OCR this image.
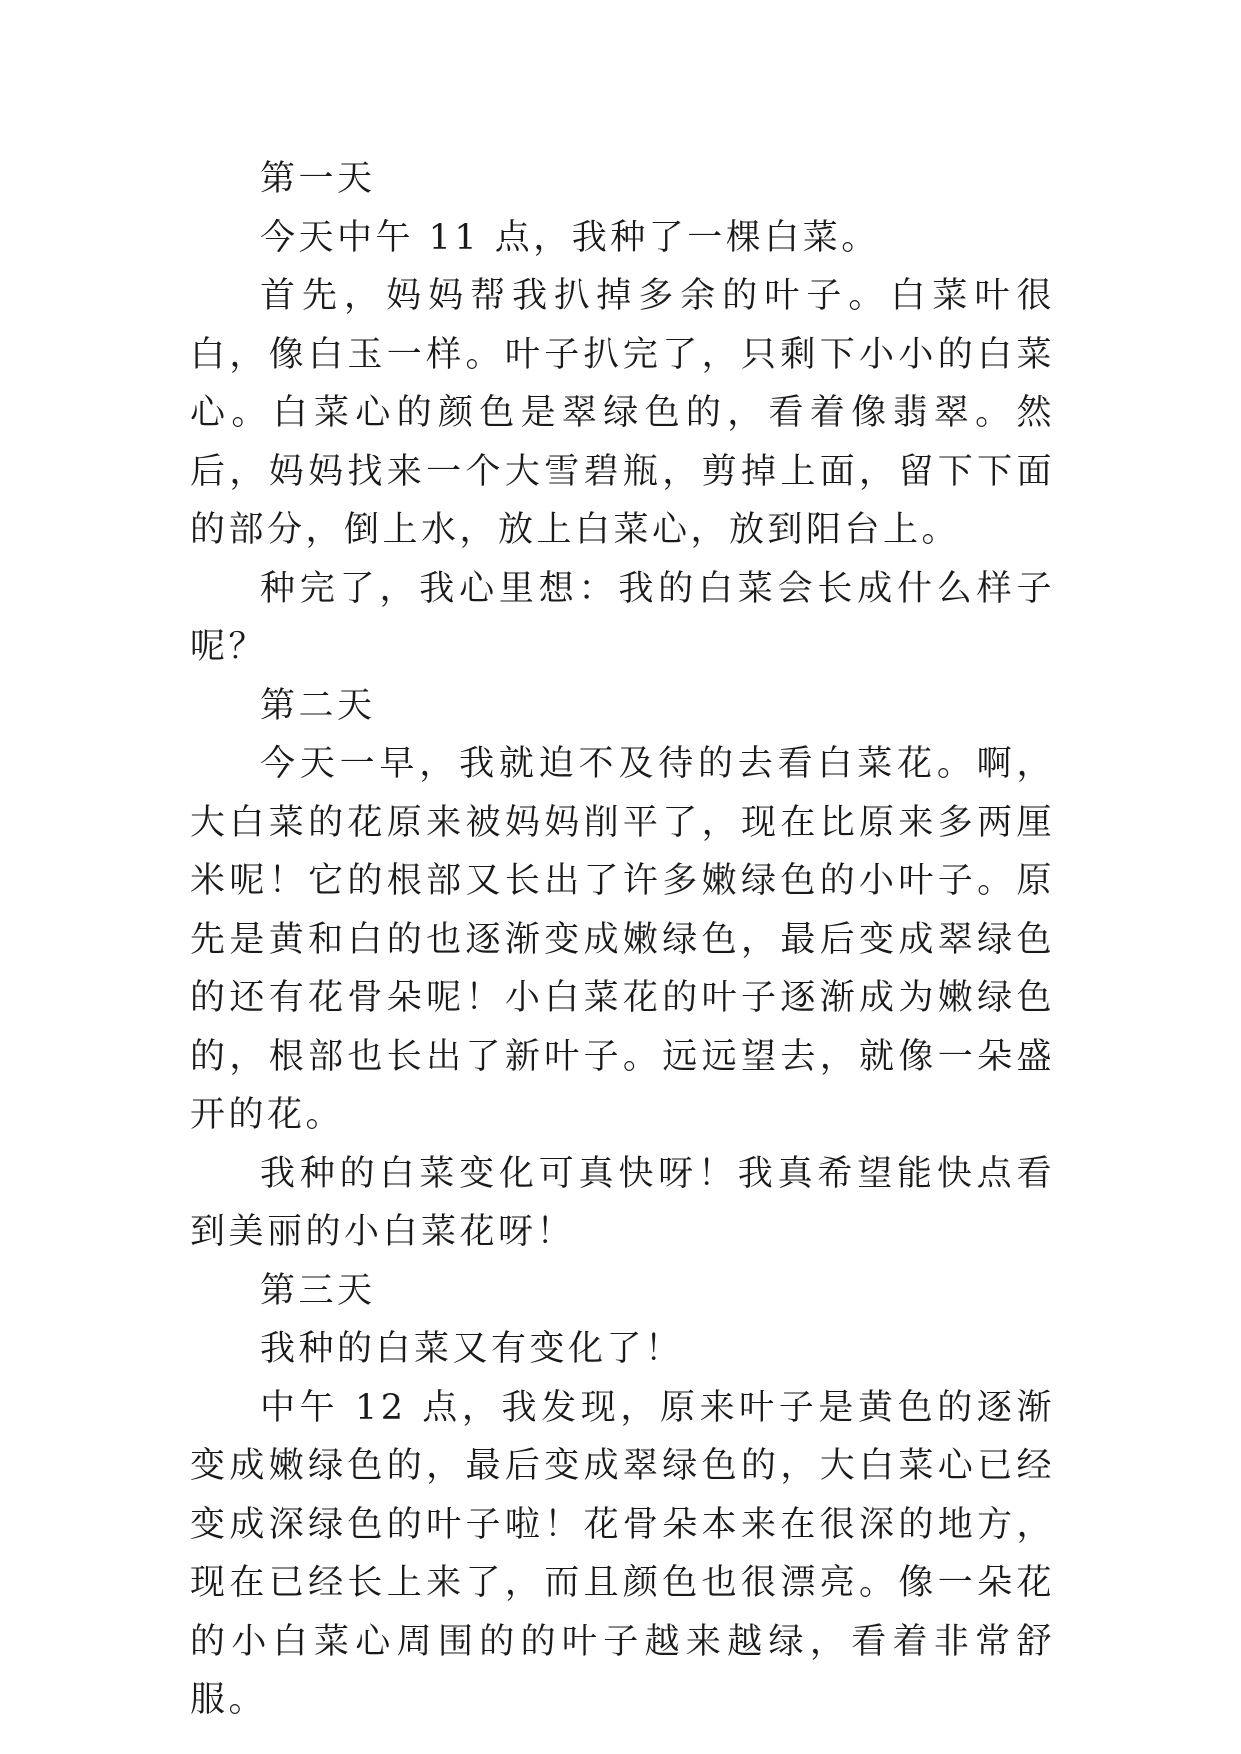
第一天

今天中午 11 点，我种了一棵白菜。

首先，妈妈帮我扒掉多余的叶子。白菜叶很白，像白玉一样。叶子扒完了，只剩下小小的白菜心。白菜心的颜色是翠绿色的，看着像翡翠。然后，妈妈找来一个大雪碧瓶，剪掉上面，留下下面的部分，倒上水，放上白菜心，放到阳台上。

种完了，我心里想：我的白菜会长成什么样子呢？

第二天

今天一早，我就迫不及待的去看白菜花。啊，大白菜的花原来被妈妈削平了，现在比原来多两厘米呢！它的根部又长出了许多嫩绿色的小叶子。原先是黄和白的也逐渐变成嫩绿色，最后变成翠绿色的还有花骨朵呢！小白菜花的叶子逐渐成为嫩绿色的，根部也长出了新叶子。远远望去，就像一朵盛开的花。

我种的白菜变化可真快呀！我真希望能快点看到美丽的小白菜花呀！

第三天

我种的白菜又有变化了！

中午 12 点，我发现，原来叶子是黄色的逐渐变成嫩绿色的，最后变成翠绿色的，大白菜心已经变成深绿色的叶子啦！花骨朵本来在很深的地方，现在已经长上来了，而且颜色也很漂亮。像一朵花的小白菜心周围的的叶子越来越绿，看着非常舒服。
